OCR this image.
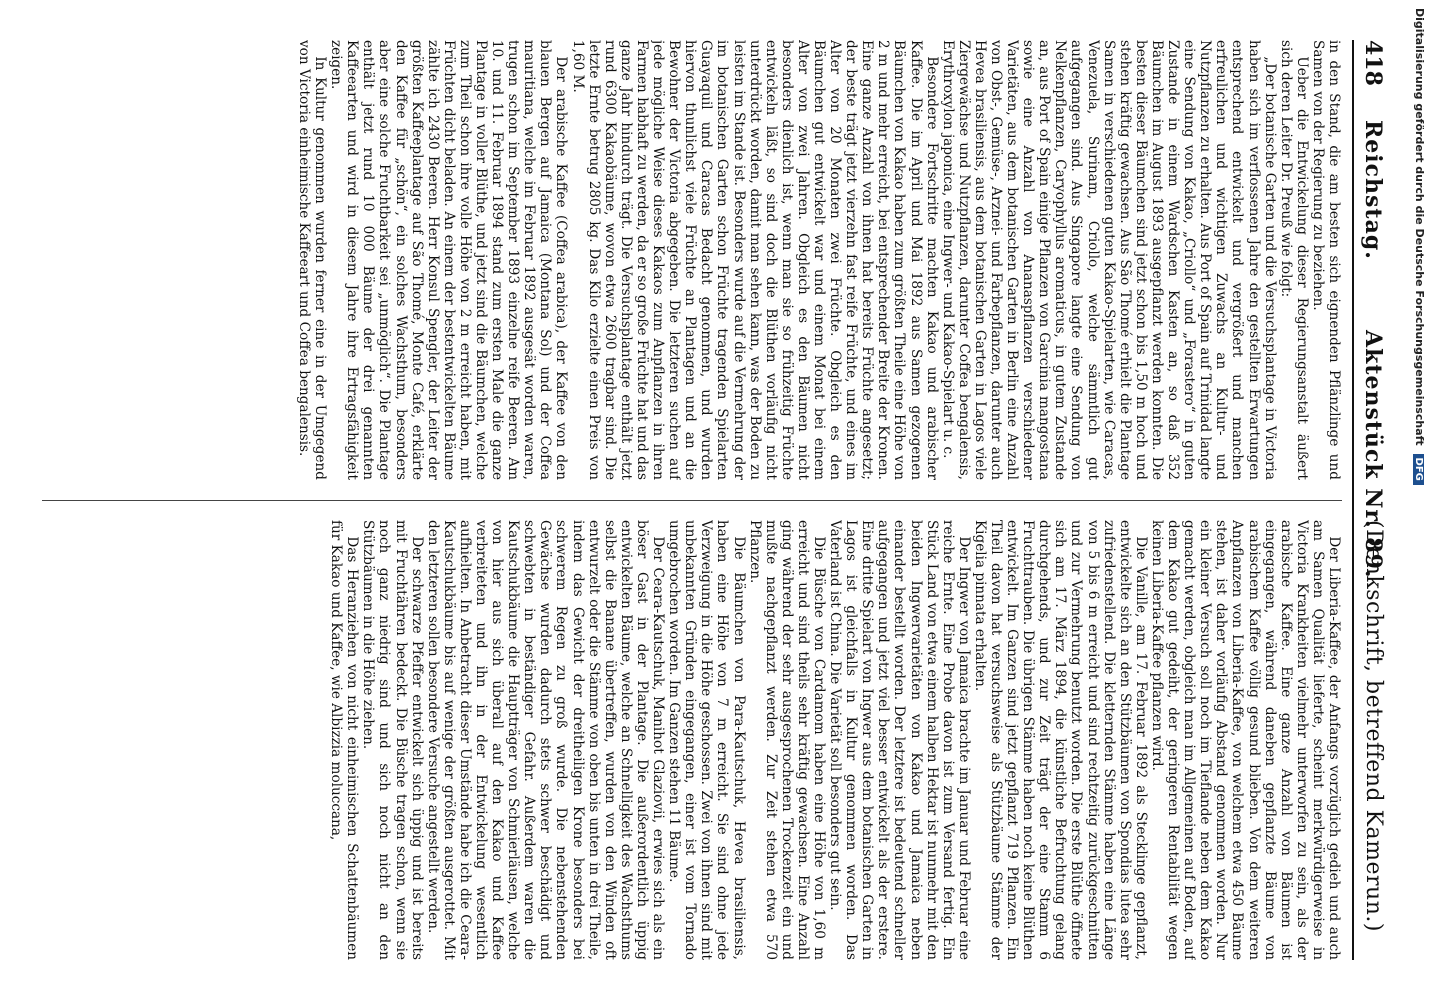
418
Reichstag.
Aktenstück Nr. 89.
(Denkschrift, betreffend Kamerun.)

in den Stand, die am besten sich eignenden Pflänzlinge und Samen von der Regierung zu beziehen.

Ueber die Entwickelung dieser Regierungsanstalt äußert sich deren Leiter Dr. Preuß wie folgt:

„Der botanische Garten und die Versuchsplantage in Victoria haben sich im verflossenen Jahre den gestellten Erwartungen entsprechend entwickelt und vergrößert und manchen erfreulichen und wichtigen Zuwachs an Kultur- und Nutzpflanzen zu erhalten. Aus Port of Spain auf Trinidad langte eine Sendung von Kakao, „Criollo“ und „Forastero“ in guten Zustande in einem Wardschen Kasten an, so daß 352 Bäumchen im August 1893 ausgepflanzt werden konnten. Die besten dieser Bäumchen sind jetzt schon bis 1,50 m hoch und stehen kräftig gewachsen. Aus São Thomé erhielt die Plantage Samen in verschiedenen guten Kakao-Spielarten, wie Caracas, Venezuela, Surinam, Criollo, welche sämmtlich gut aufgegangen sind. Aus Singapore langte eine Sendung von Nelkenpflanzen, Caryophyllus aromaticus, in gutem Zustande an, aus Port of Spain einige Pflanzen von Garcinia mangostana sowie eine Anzahl von Ananaspflanzen verschiedener Varietäten, aus dem botanischen Garten in Berlin eine Anzahl von Obst-, Gemüse-, Arznei- und Farbepflanzen, darunter auch Hevea brasiliensis, aus dem botanischen Garten in Lagos viele Ziergewächse und Nutzpflanzen, darunter Coffea bengalensis, Erythroxylon japonica, eine Ingwer- und Kakao-Spielart u. c.

Besondere Fortschritte machten Kakao und arabischer Kaffee. Die im April und Mai 1892 aus Samen gezogenen Bäumchen von Kakao haben zum größten Theile eine Höhe von 2 m und mehr erreicht, bei entsprechender Breite der Kronen. Eine ganze Anzahl von ihnen hat bereits Früchte angesetzt; der beste trägt jetzt vierzehn fast reife Früchte, und eines im Alter von 20 Monaten zwei Früchte. Obgleich es den Bäumchen gut entwickelt war und einem Monat bei einem Alter von zwei Jahren. Obgleich es den Bäumen nicht besonders dienlich ist, wenn man sie so frühzeitig Früchte entwickeln läßt, so sind doch die Blüthen vorläufig nicht unterdrückt worden, damit man sehen kann, was der Boden zu leisten im Stande ist. Besonders wurde auf die Vermehrung der im botanischen Garten schon Früchte tragenden Spielarten Guayaquil und Caracas Bedacht genommen, und wurden hiervon thunlichst viele Früchte an Plantagen und an die Bewohner der Victoria abgegeben. Die letzteren suchen auf jede mögliche Weise dieses Kakaos zum Anpflanzen in ihren Farmen habhaft zu werden, da er so große Früchte hat und das ganze Jahr hindurch trägt. Die Versuchsplantage enthält jetzt rund 6300 Kakaobäume, wovon etwa 2600 tragbar sind. Die letzte Ernte betrug 2805 kg. Das Kilo erzielte einen Preis von 1,60 M.

Der arabische Kaffee (Coffea arabica), der Kaffee von den blauen Bergen auf Jamaica (Montana Sol) und der Coffea mauritiana, welche im Februar 1892 ausgesät worden waren, trugen schon im September 1893 einzelne reife Beeren. Am 10. und 11. Februar 1894 stand zum ersten Male die ganze Plantage in voller Blüthe, und jetzt sind die Bäumchen, welche zum Theil schon ihre volle Höhe von 2 m erreicht haben, mit Früchten dicht beladen. An einem der bestentwickelten Bäume zählte ich 2430 Beeren. Herr Konsul Spengler, der Leiter der größten Kaffeeplantage auf São Thomé, Monte Café, erklärte den Kaffee für „schön“, ein solches Wachsthum, besonders aber eine solche Fruchtbarkeit sei „unmöglich“. Die Plantage enthält jetzt rund 10 000 Bäume der drei genannten Kaffeearten und wird in diesem Jahre ihre Ertragsfähigkeit zeigen.

In Kultur genommen wurden ferner eine in der Umgegend von Victoria einheimische Kaffeeart und Coffea bengalensis.

Der Liberia-Kaffee, der Anfangs vorzüglich gedieh und auch am Samen Qualität lieferte, scheint merkwürdigerweise in Victoria Krankheiten vielmehr unterworfen zu sein, als der arabische Kaffee. Eine ganze Anzahl von Bäumen ist eingegangen, während daneben gepflanzte Bäume von arabischem Kaffee völlig gesund blieben. Von dem weiteren Anpflanzen von Liberia-Kaffee, von welchem etwa 450 Bäume stehen, ist daher vorläufig Abstand genommen worden. Nur ein kleiner Versuch soll noch im Tieflande neben dem Kakao gemacht werden, obgleich man im Allgemeinen auf Boden, auf dem Kakao gut gedeiht, der geringeren Rentabilität wegen keinen Liberia-Kaffee pflanzen wird.

Die Vanille, am 17. Februar 1892 als Stecklinge gepflanzt, entwickelte sich an den Stützbäumen von Spondias lutea sehr zufriedenstellend. Die kletternden Stämme haben eine Länge von 5 bis 6 m erreicht und sind rechtzeitig zurückgeschnitten und zur Vermehrung benutzt worden. Die erste Blüthe öffnete sich am 17. März 1894, die künstliche Befruchtung gelang durchgehends, und zur Zeit trägt der eine Stamm 6 Fruchttrauben. Die übrigen Stämme haben noch keine Blüthen entwickelt. Im Ganzen sind jetzt gepflanzt 719 Pflanzen. Ein Theil davon hat versuchsweise als Stützbäume Stämme der Kigelia pinnata erhalten.

Der Ingwer von Jamaica brachte im Januar und Februar eine reiche Ernte. Eine Probe davon ist zum Versand fertig. Ein Stück Land von etwa einem halben Hektar ist nunmehr mit den beiden Ingwervarietäten von Kakao und Jamaica neben einander bestellt worden. Der letztere ist bedeutend schneller aufgegangen und jetzt viel besser entwickelt als der erstere. Eine dritte Spielart von Ingwer aus dem botanischen Garten in Lagos ist gleichfalls in Kultur genommen worden. Das Vaterland ist China. Die Varietät soll besonders gut sein.

Die Büsche von Cardamom haben eine Höhe von 1,60 m erreicht und sind theils sehr kräftig gewachsen. Eine Anzahl ging während der sehr ausgesprochenen Trockenzeit ein und mußte nachgepflanzt werden. Zur Zeit stehen etwa 570 Pflanzen.

Die Bäumchen von Para-Kautschuk, Hevea brasiliensis, haben eine Höhe von 7 m erreicht. Sie sind ohne jede Verzweigung in die Höhe geschossen. Zwei von ihnen sind mit unbekannten Gründen eingegangen, einer ist vom Tornado umgebrochen worden. Im Ganzen stehen 11 Bäume.

Der Ceara-Kautschuk, Manihot Glaziovii, erwies sich als ein böser Gast in der Plantage. Die außerordentlich üppig entwickelten Bäume, welche an Schnelligkeit des Wachsthums selbst die Banane übertreffen, wurden von den Winden oft entwurzelt oder die Stämme von oben bis unten in drei Theile, indem das Gewicht der dreitheiligen Krone besonders bei schwerem Regen zu groß wurde. Die nebenstehenden Gewächse wurden dadurch stets schwer beschädigt und schwebten in beständiger Gefahr. Außerdem waren die Kautschukbäume die Hauptträger von Schmierläusen, welche von hier aus sich überall auf den Kakao und Kaffee verbreiteten und ihn in der Entwickelung wesentlich aufhielten. In Anbetracht dieser Umstände habe ich die Ceara-Kautschukbäume bis auf wenige der größten ausgerottet. Mit den letzteren sollen besondere Versuche angestellt werden.

Der schwarze Pfeffer entwickelt sich üppig und ist bereits mit Fruchtähren bedeckt. Die Büsche tragen schon, wenn sie noch ganz niedrig sind und sich noch nicht an den Stützbäumen in die Höhe ziehen.

Das Heranziehen von nicht einheimischen Schattenbäumen für Kakao und Kaffee, wie Albizzia moluccana,

Digitalisierung gefördert durch die Deutsche Forschungsgemeinschaft DFG
